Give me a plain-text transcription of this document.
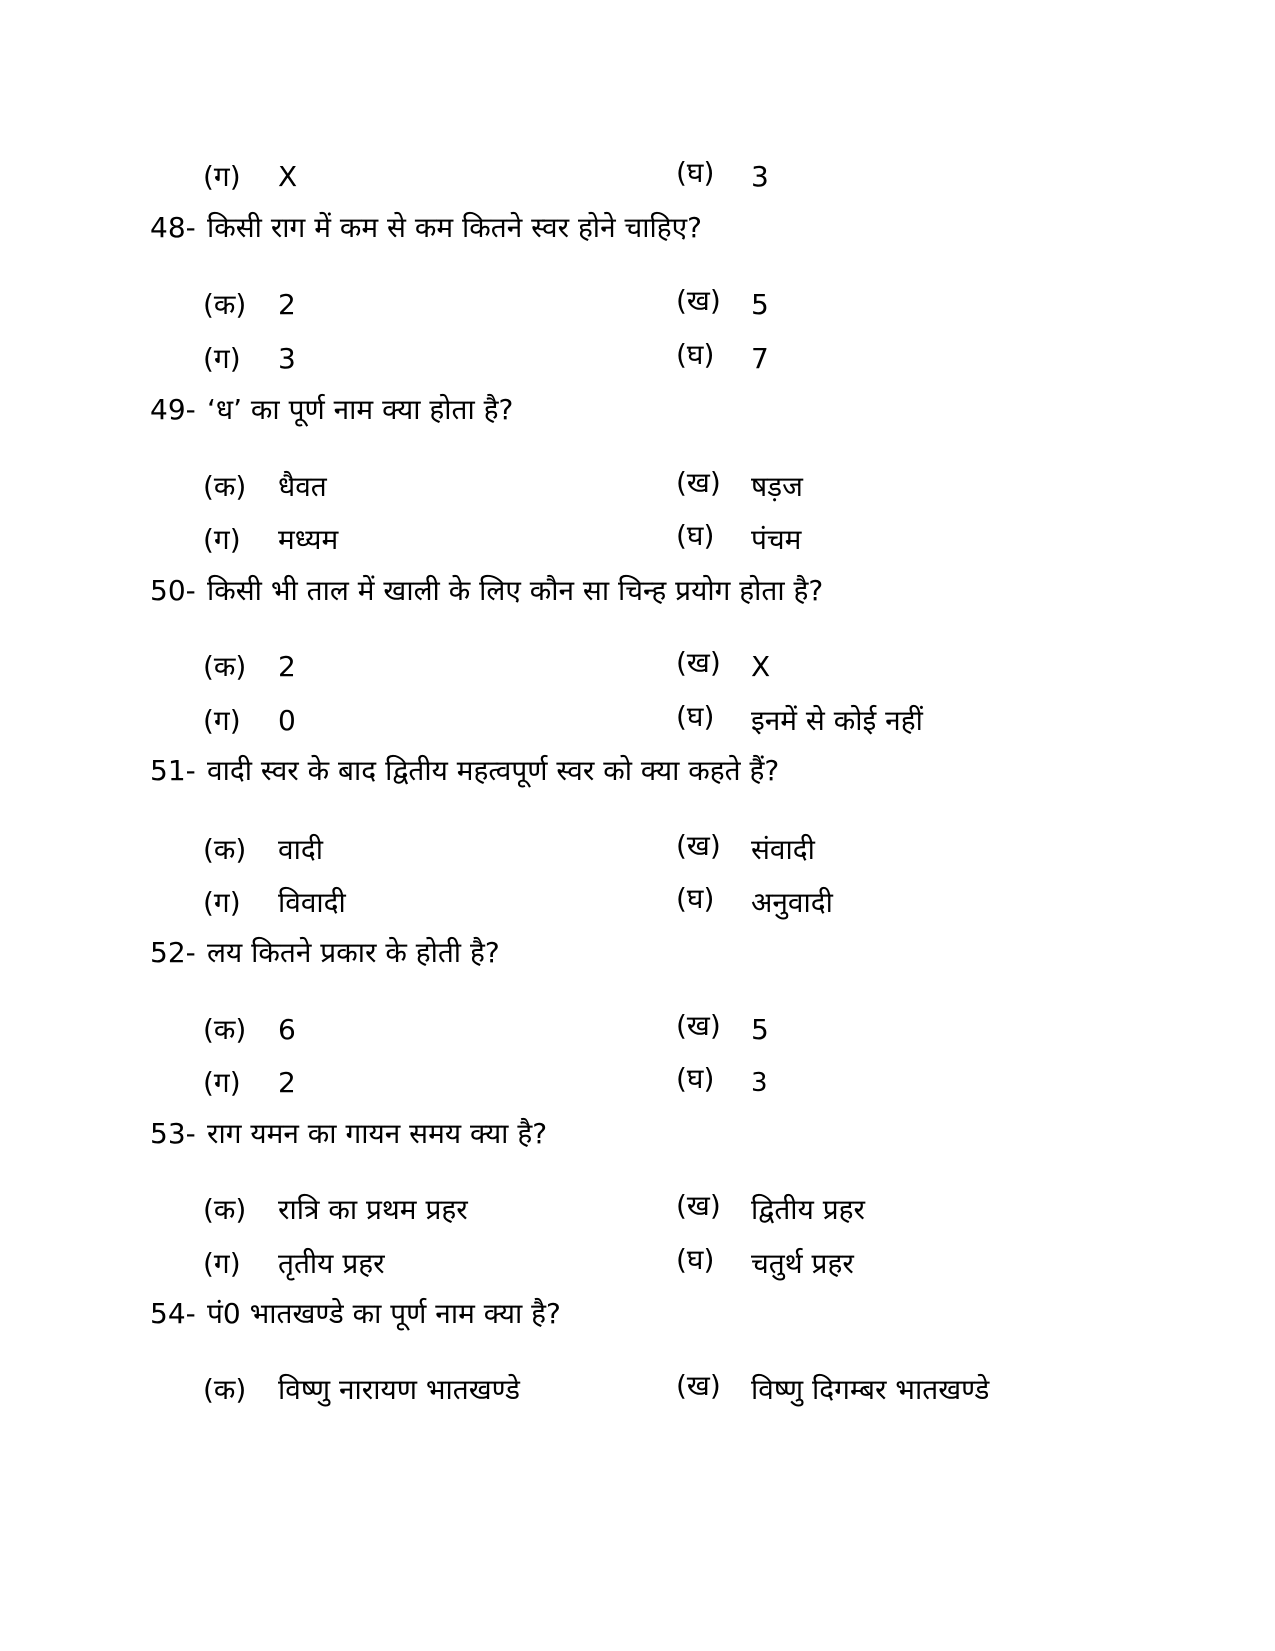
(ग) X	(घ) 3
48- किसी राग में कम से कम कितने स्वर होने चाहिए?
(क) 2	(ख) 5
(ग) 3	(घ) 7
49- ‘ध’ का पूर्ण नाम क्या होता है?
(क) धैवत	(ख) षड़ज
(ग) मध्यम	(घ) पंचम
50- किसी भी ताल में खाली के लिए कौन सा चिन्ह प्रयोग होता है?
(क) 2	(ख) X
(ग) 0	(घ) इनमें से कोई नहीं
51- वादी स्वर के बाद द्वितीय महत्वपूर्ण स्वर को क्या कहते हैं?
(क) वादी	(ख) संवादी
(ग) विवादी	(घ) अनुवादी
52- लय कितने प्रकार के होती है?
(क) 6	(ख) 5
(ग) 2	(घ) 3
53- राग यमन का गायन समय क्या है?
(क) रात्रि का प्रथम प्रहर	(ख) द्वितीय प्रहर
(ग) तृतीय प्रहर	(घ) चतुर्थ प्रहर
54- पं0 भातखण्डे का पूर्ण नाम क्या है?
(क) विष्णु नारायण भातखण्डे	(ख) विष्णु दिगम्बर भातखण्डे
